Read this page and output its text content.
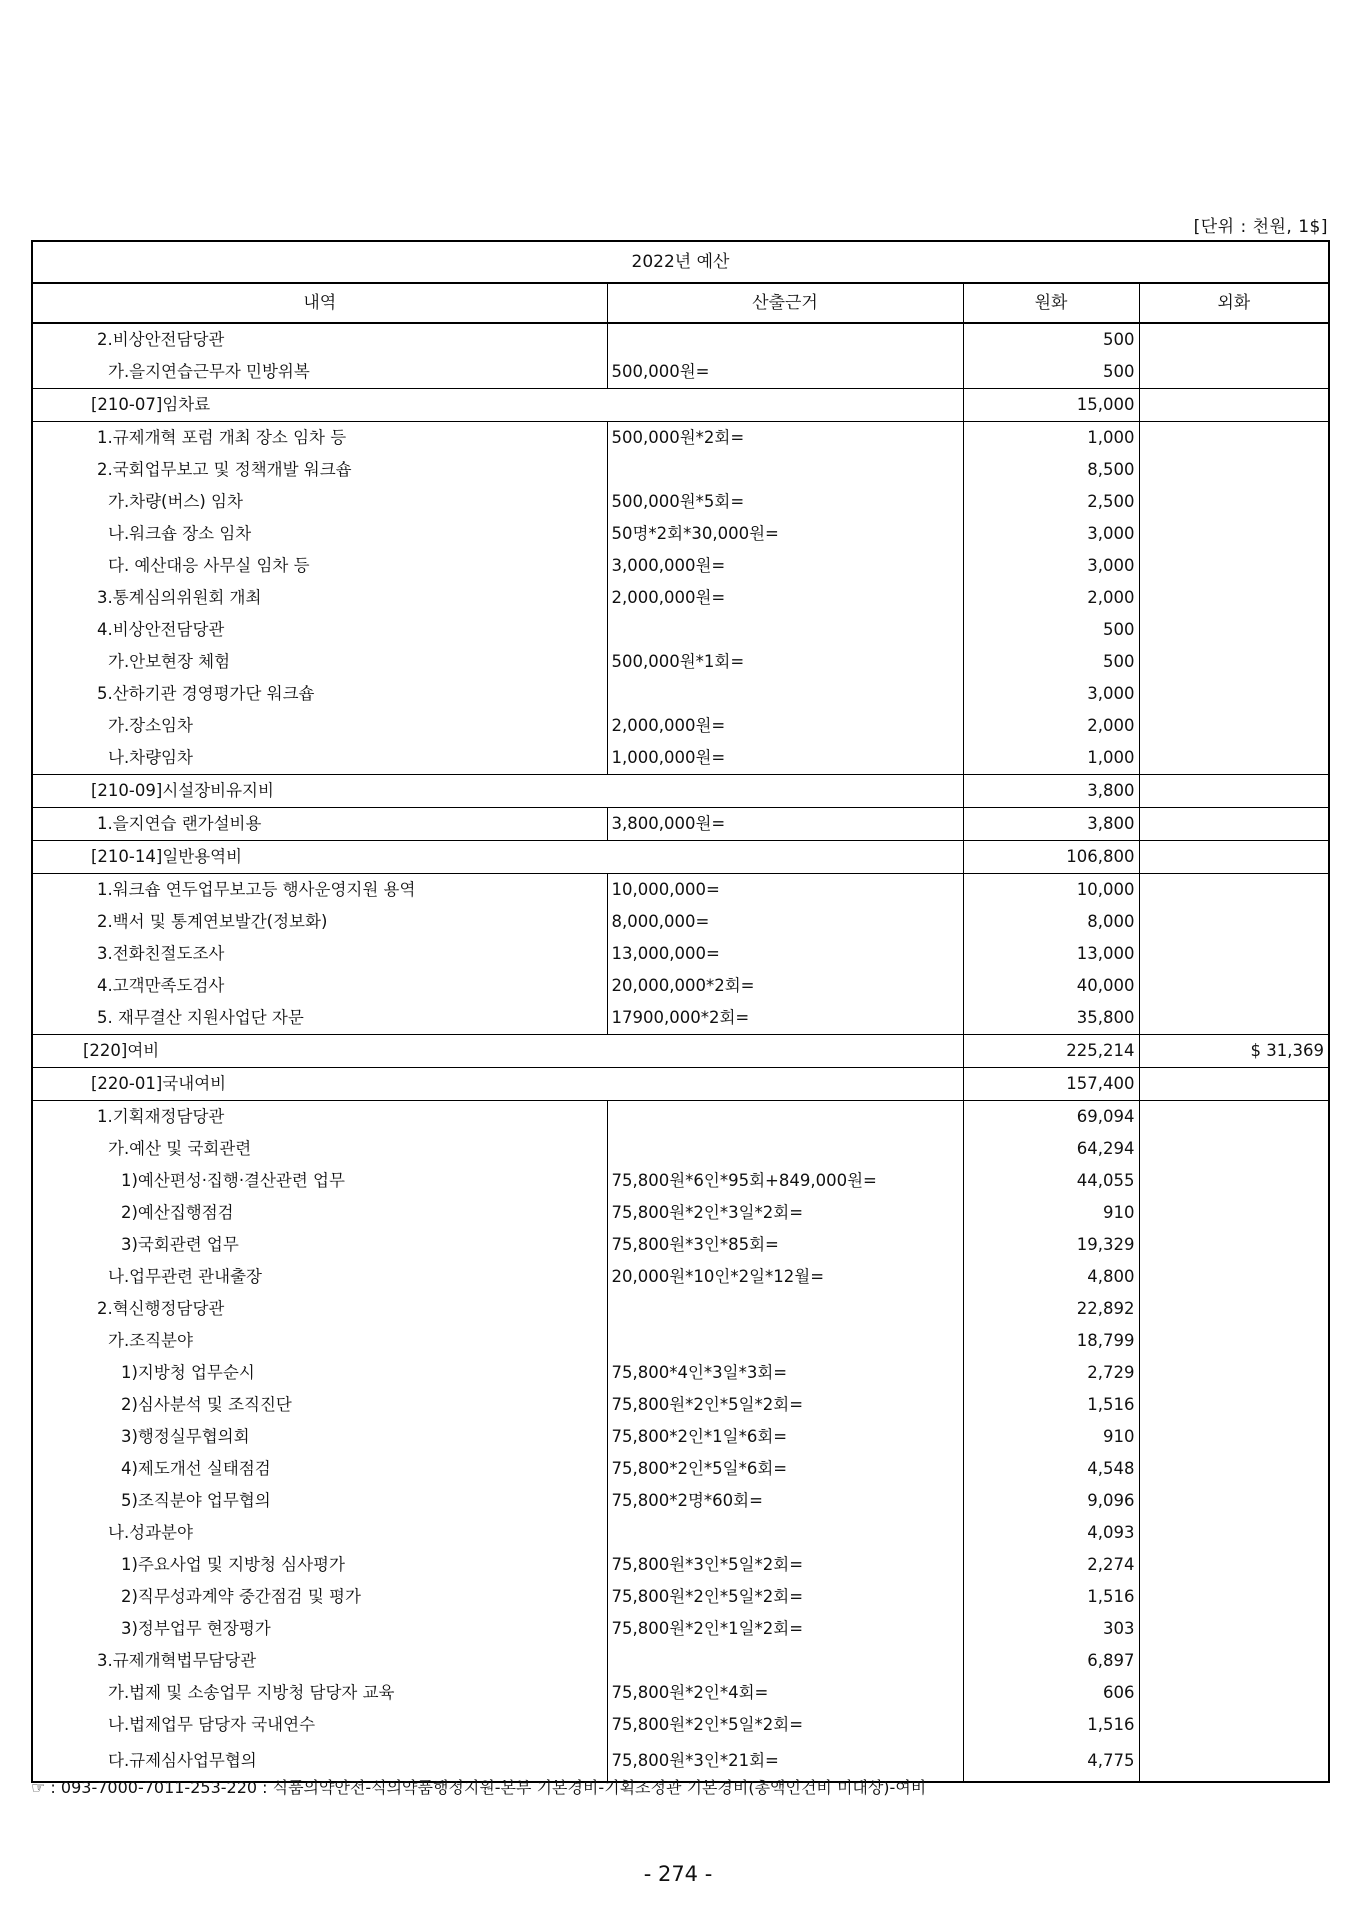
[단위 : 천원, 1$]
2022년 예산			
내역	산출근거	원화	외화
2.비상안전담당관		500	
가.을지연습근무자 민방위복	500,000원=	500	
[210-07]임차료		15,000	
1.규제개혁 포럼 개최 장소 임차 등	500,000원*2회=	1,000	
2.국회업무보고 및 정책개발 워크숍		8,500	
가.차량(버스) 임차	500,000원*5회=	2,500	
나.워크숍 장소 임차	50명*2회*30,000원=	3,000	
다. 예산대응 사무실 임차 등	3,000,000원=	3,000	
3.통계심의위원회 개최	2,000,000원=	2,000	
4.비상안전담당관		500	
가.안보현장 체험	500,000원*1회=	500	
5.산하기관 경영평가단 워크숍		3,000	
가.장소임차	2,000,000원=	2,000	
나.차량임차	1,000,000원=	1,000	
[210-09]시설장비유지비		3,800	
1.을지연습 랜가설비용	3,800,000원=	3,800	
[210-14]일반용역비		106,800	
1.워크숍 연두업무보고등 행사운영지원 용역	10,000,000=	10,000	
2.백서 및 통계연보발간(정보화)	8,000,000=	8,000	
3.전화친절도조사	13,000,000=	13,000	
4.고객만족도검사	20,000,000*2회=	40,000	
5. 재무결산 지원사업단 자문	17900,000*2회=	35,800	
[220]여비		225,214	$ 31,369
[220-01]국내여비		157,400	
1.기획재정담당관		69,094	
가.예산 및 국회관련		64,294	
1)예산편성·집행·결산관련 업무	75,800원*6인*95회+849,000원=	44,055	
2)예산집행점검	75,800원*2인*3일*2회=	910	
3)국회관련 업무	75,800원*3인*85회=	19,329	
나.업무관련 관내출장	20,000원*10인*2일*12월=	4,800	
2.혁신행정담당관		22,892	
가.조직분야		18,799	
1)지방청 업무순시	75,800*4인*3일*3회=	2,729	
2)심사분석 및 조직진단	75,800원*2인*5일*2회=	1,516	
3)행정실무협의회	75,800*2인*1일*6회=	910	
4)제도개선 실태점검	75,800*2인*5일*6회=	4,548	
5)조직분야 업무협의	75,800*2명*60회=	9,096	
나.성과분야		4,093	
1)주요사업 및 지방청 심사평가	75,800원*3인*5일*2회=	2,274	
2)직무성과계약 중간점검 및 평가	75,800원*2인*5일*2회=	1,516	
3)정부업무 현장평가	75,800원*2인*1일*2회=	303	
3.규제개혁법무담당관		6,897	
가.법제 및 소송업무 지방청 담당자 교육	75,800원*2인*4회=	606	
나.법제업무 담당자 국내연수	75,800원*2인*5일*2회=	1,516	
다.규제심사업무협의	75,800원*3인*21회=	4,775	
☞ : 093-7000-7011-253-220 : 식품의약안전-식의약품행정지원-본부 기본경비-기획조정관 기본경비(총액인건비 미대상)-여비
- 274 -
